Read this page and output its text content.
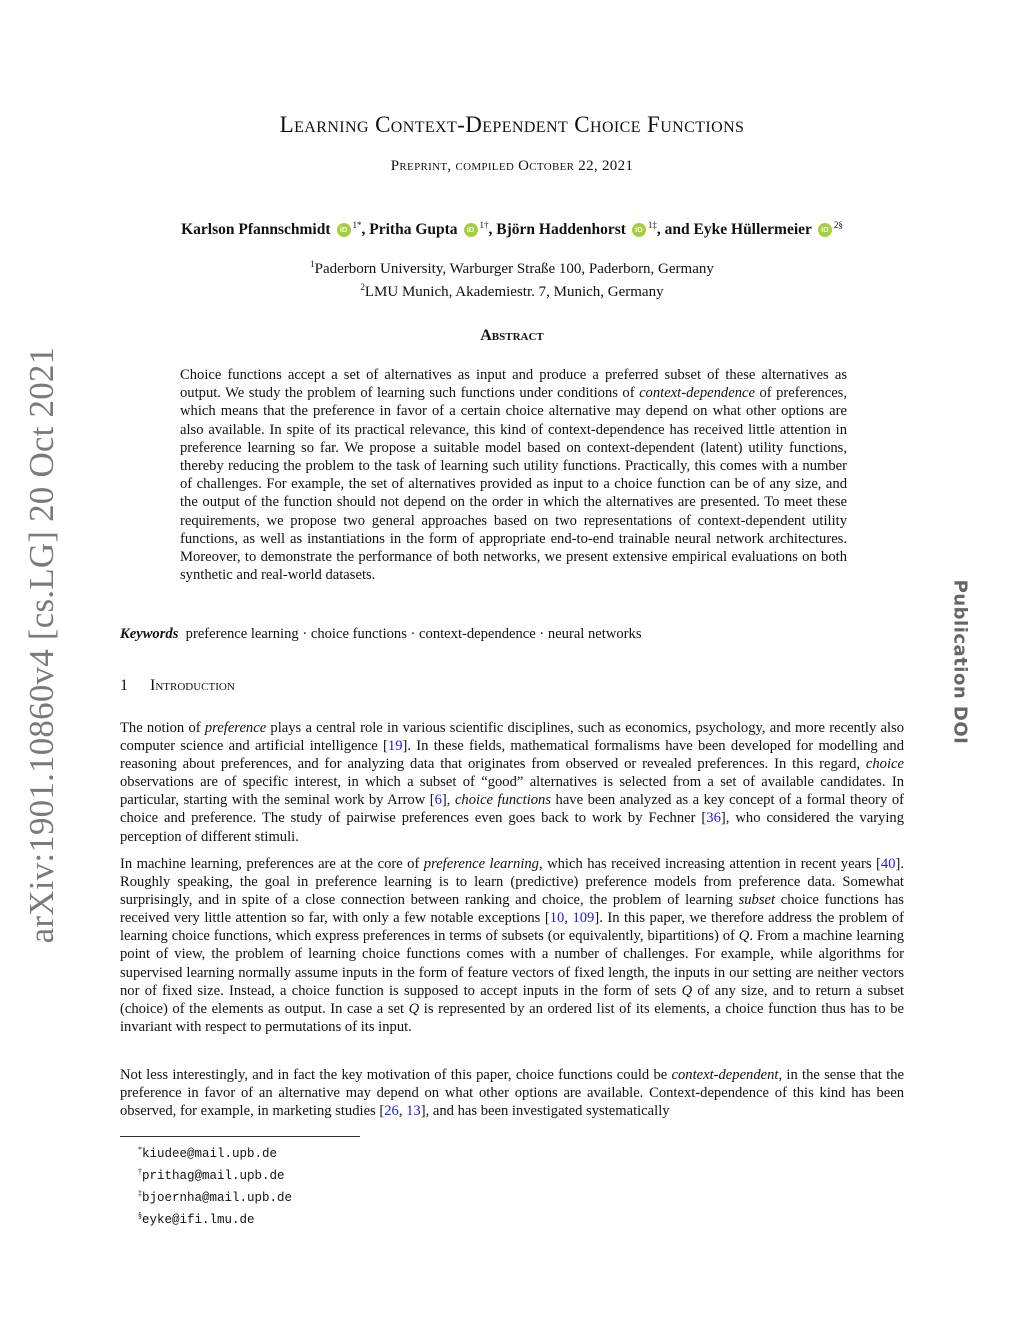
arXiv:1901.10860v4 [cs.LG] 20 Oct 2021	Publication DOI
Learning Context-Dependent Choice Functions
Preprint, compiled October 22, 2021
Karlson Pfannschmidt iD $^{1*}$, Pritha Gupta iD $^{1\dagger}$, Björn Haddenhorst iD $^{1\ddagger}$, and Eyke Hüllermeier iD $^{2\S}$
$^1$Paderborn University, Warburger Straße 100, Paderborn, Germany
$^2$LMU Munich, Akademiestr. 7, Munich, Germany
Abstract

Choice functions accept a set of alternatives as input and produce a preferred subset of these alternatives as output. We study the problem of learning such functions under conditions of context-dependence of preferences, which means that the preference in favor of a certain choice alternative may depend on what other options are also available. In spite of its practical relevance, this kind of context-dependence has received little attention in preference learning so far. We propose a suitable model based on context-dependent (latent) utility functions, thereby reducing the problem to the task of learning such utility functions. Practically, this comes with a number of challenges. For example, the set of alternatives provided as input to a choice function can be of any size, and the output of the function should not depend on the order in which the alternatives are presented. To meet these requirements, we propose two general approaches based on two representations of context-dependent utility functions, as well as instantiations in the form of appropriate end-to-end trainable neural network architectures. Moreover, to demonstrate the performance of both networks, we present extensive empirical evaluations on both synthetic and real-world datasets.

Keywords preference learning · choice functions · context-dependence · neural networks
1 Introduction

The notion of preference plays a central role in various scientific disciplines, such as economics, psychology, and more recently also computer science and artificial intelligence [19]. In these fields, mathematical formalisms have been developed for modelling and reasoning about preferences, and for analyzing data that originates from observed or revealed preferences. In this regard, choice observations are of specific interest, in which a subset of “good” alternatives is selected from a set of available candidates. In particular, starting with the seminal work by Arrow [6], choice functions have been analyzed as a key concept of a formal theory of choice and preference. The study of pairwise preferences even goes back to work by Fechner [36], who considered the varying perception of different stimuli.

In machine learning, preferences are at the core of preference learning, which has received increasing attention in recent years [40]. Roughly speaking, the goal in preference learning is to learn (predictive) preference models from preference data. Somewhat surprisingly, and in spite of a close connection between ranking and choice, the problem of learning subset choice functions has received very little attention so far, with only a few notable exceptions [10, 109]. In this paper, we therefore address the problem of learning choice functions, which express preferences in terms of subsets (or equivalently, bipartitions) of Q. From a machine learning point of view, the problem of learning choice functions comes with a number of challenges. For example, while algorithms for supervised learning normally assume inputs in the form of feature vectors of fixed length, the inputs in our setting are neither vectors nor of fixed size. Instead, a choice function is supposed to accept inputs in the form of sets Q of any size, and to return a subset (choice) of the elements as output. In case a set Q is represented by an ordered list of its elements, a choice function thus has to be invariant with respect to permutations of its input.

Not less interestingly, and in fact the key motivation of this paper, choice functions could be context-dependent, in the sense that the preference in favor of an alternative may depend on what other options are available. Context-dependence of this kind has been observed, for example, in marketing studies [26, 13], and has been investigated systematically

*kiudee@mail.upb.de
†prithag@mail.upb.de
‡bjoernha@mail.upb.de
§eyke@ifi.lmu.de
